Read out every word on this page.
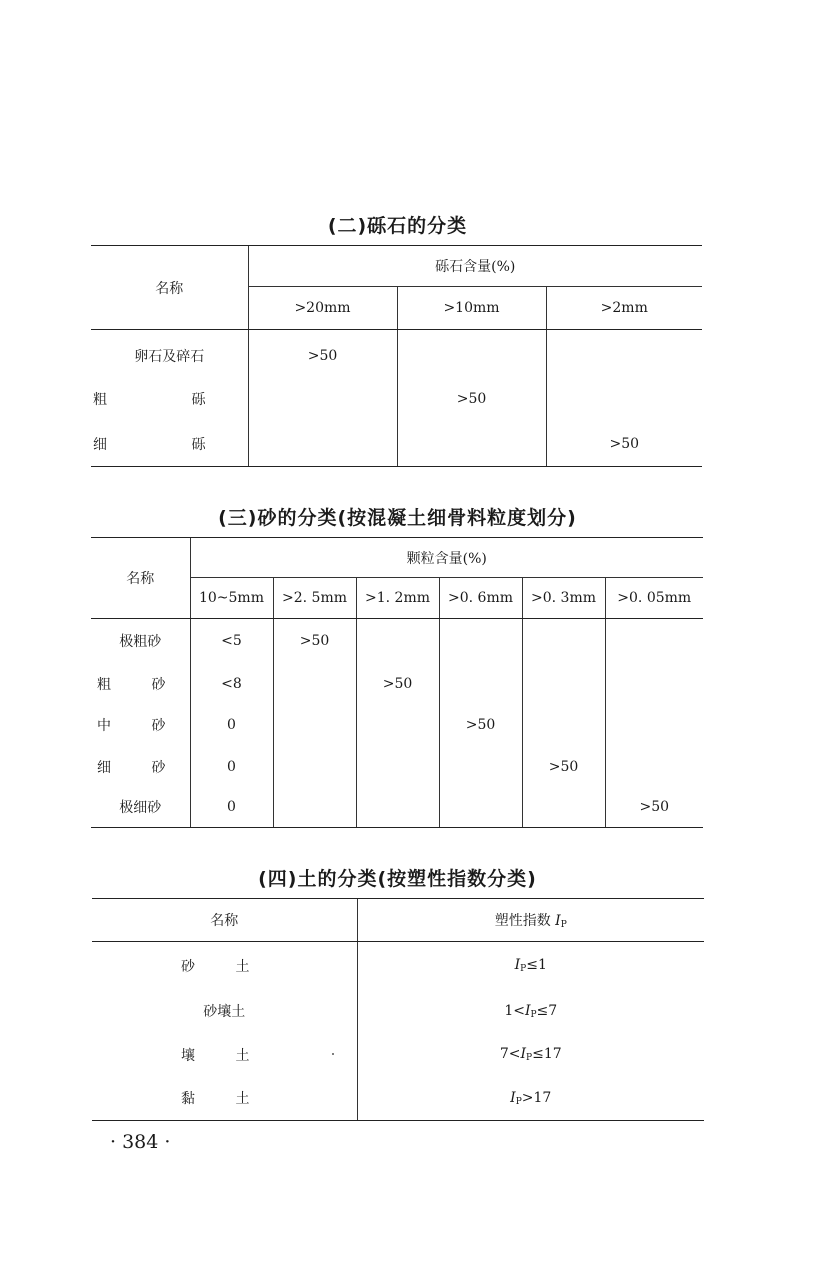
(二)砾石的分类
名称	砾石含量(%)		
	>20mm	>10mm	>2mm
卵石及碎石	>50		
粗 砾		>50	
细 砾			>50
(三)砂的分类(按混凝土细骨料粒度划分)
名称	颗粒含量(%)					
	10~5mm	>2. 5mm	>1. 2mm	>0. 6mm	>0. 3mm	>0. 05mm
极粗砂	<5	>50				
粗 砂	<8		>50			
中 砂	0			>50		
细 砂	0				>50	
极细砂	0					>50
(四)土的分类(按塑性指数分类)
名称	塑性指数 $I_P$
砂 土	$I_P\le 1$
砂壤土	$1<I_P\le 7$
壤 土	$7<I_P\le 17$
黏 土	$I_P>17$
· 384 ·
